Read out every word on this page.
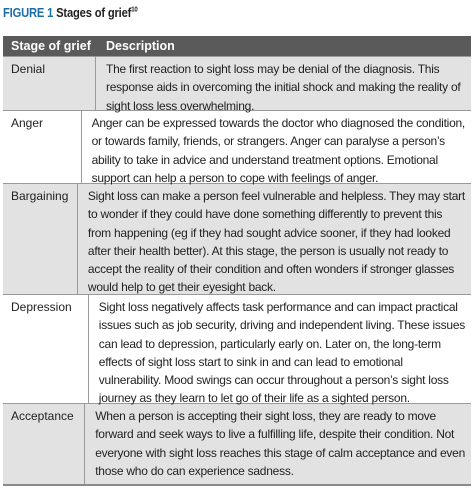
FIGURE 1 Stages of grief$^{10}$
Stage of grief	Description
Denial	The first reaction to sight loss may be denial of the diagnosis. This
response aids in overcoming the initial shock and making the reality of
sight loss less overwhelming.
Anger	Anger can be expressed towards the doctor who diagnosed the condition,
or towards family, friends, or strangers. Anger can paralyse a person’s
ability to take in advice and understand treatment options. Emotional
support can help a person to cope with feelings of anger.
Bargaining	Sight loss can make a person feel vulnerable and helpless. They may start
to wonder if they could have done something differently to prevent this
from happening (eg if they had sought advice sooner, if they had looked
after their health better). At this stage, the person is usually not ready to
accept the reality of their condition and often wonders if stronger glasses
would help to get their eyesight back.
Depression	Sight loss negatively affects task performance and can impact practical
issues such as job security, driving and independent living. These issues
can lead to depression, particularly early on. Later on, the long-term
effects of sight loss start to sink in and can lead to emotional
vulnerability. Mood swings can occur throughout a person’s sight loss
journey as they learn to let go of their life as a sighted person.
Acceptance	When a person is accepting their sight loss, they are ready to move
forward and seek ways to live a fulfilling life, despite their condition. Not
everyone with sight loss reaches this stage of calm acceptance and even
those who do can experience sadness.
